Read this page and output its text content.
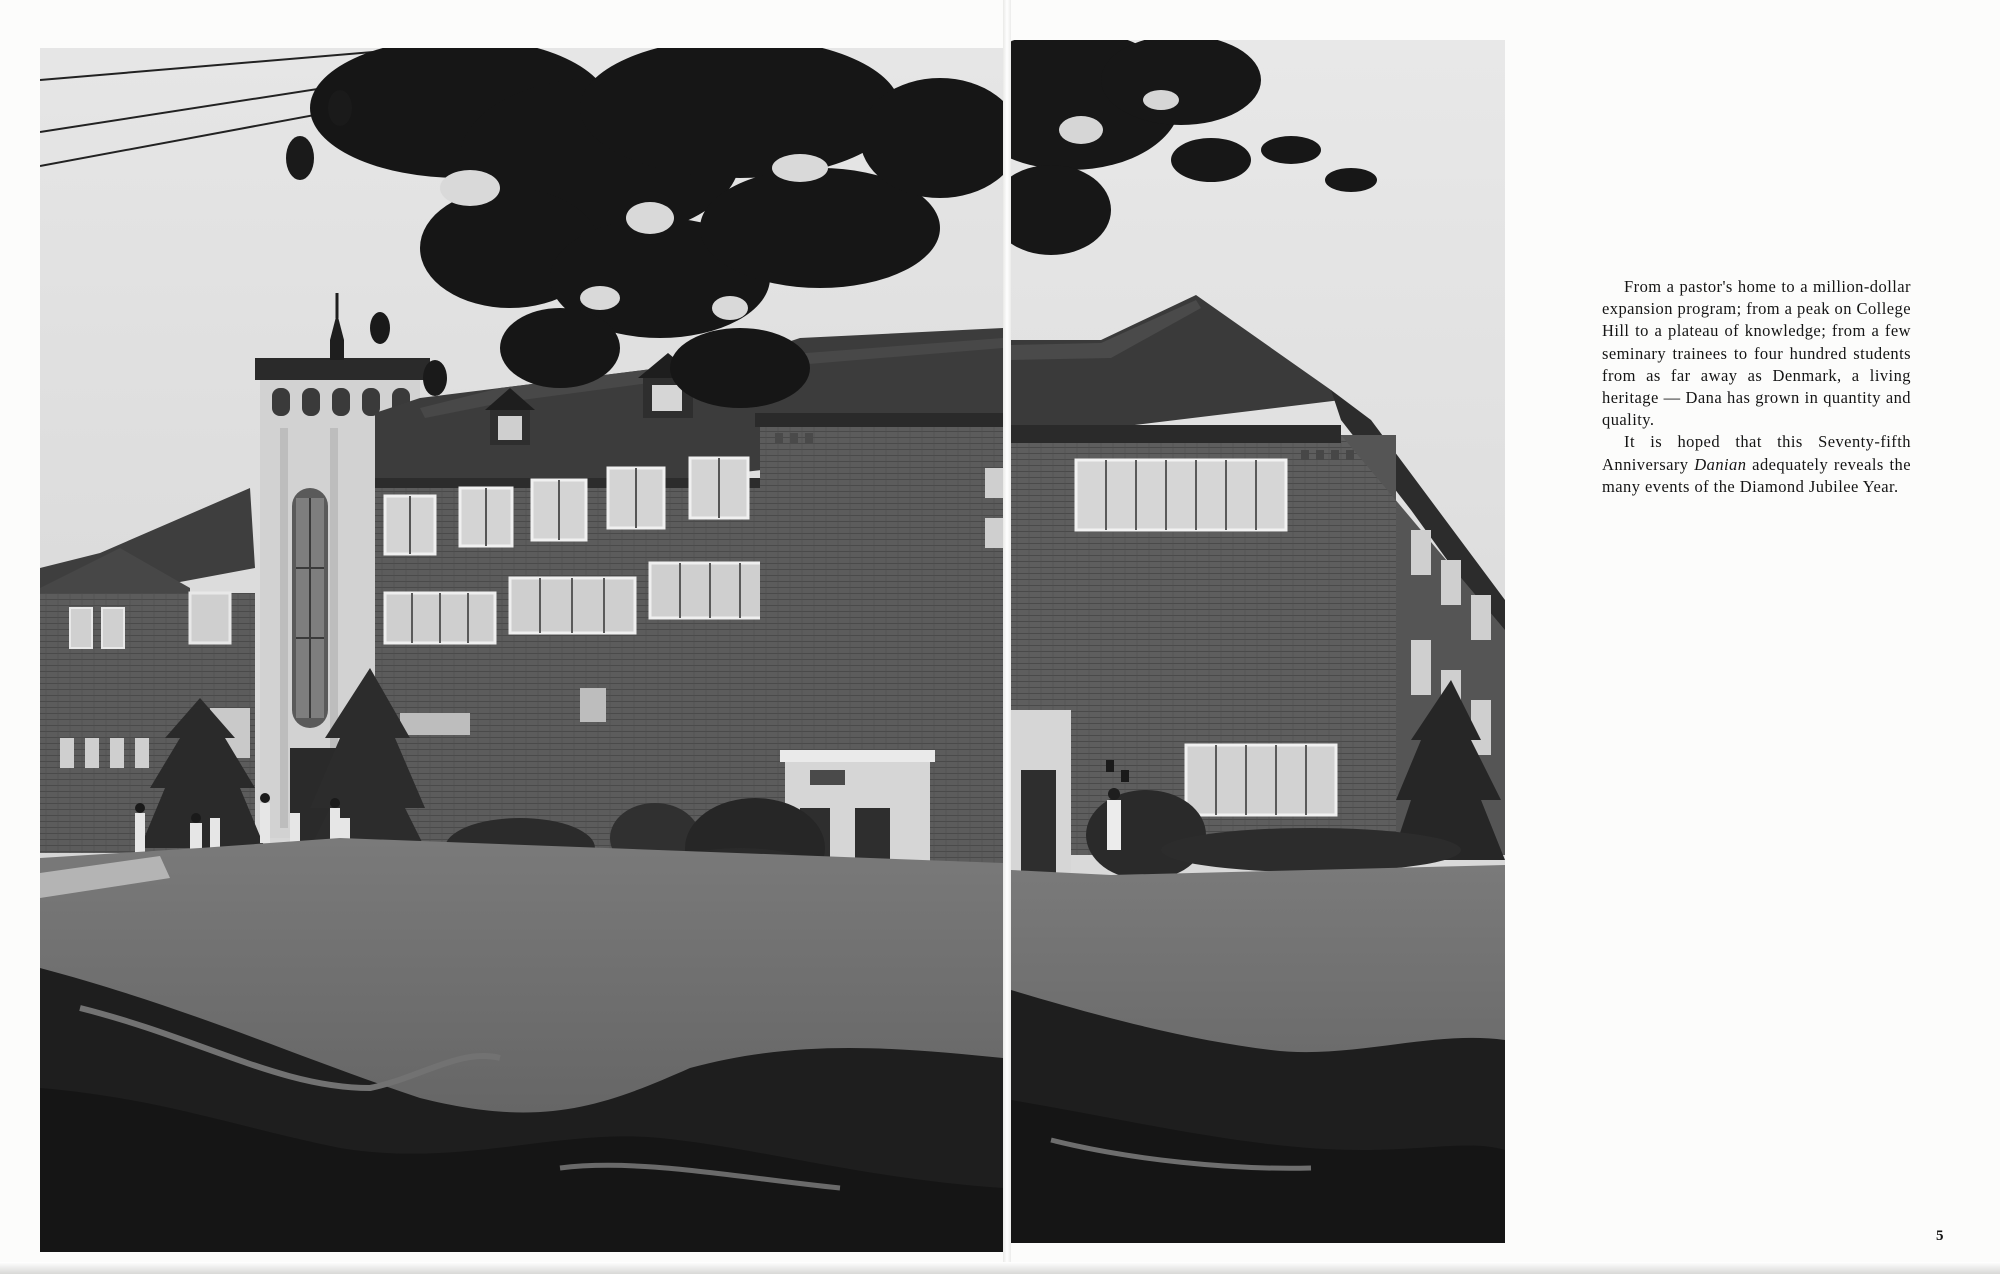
From a pastor's home to a million-dollar expansion program; from a peak on College Hill to a plateau of knowledge; from a few seminary trainees to four hundred students from as far away as Denmark, a living heritage — Dana has grown in quantity and quality.

It is hoped that this Seventy-fifth Anniversary Danian adequately reveals the many events of the Diamond Jubilee Year.

5
